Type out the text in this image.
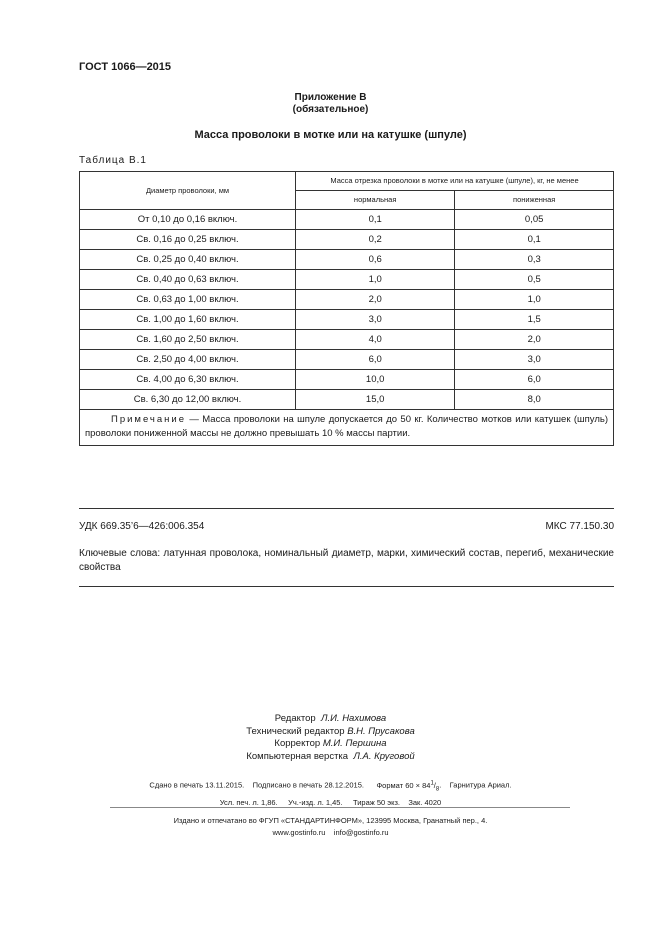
ГОСТ 1066—2015
Приложение В
(обязательное)
Масса проволоки в мотке или на катушке (шпуле)
Таблица В.1
Диаметр проволоки, мм	Масса отрезка проволоки в мотке или на катушке (шпуле), кг, не менее	
	нормальная	пониженная
От 0,10 до 0,16 включ.	0,1	0,05
Св. 0,16 до 0,25 включ.	0,2	0,1
Св. 0,25 до 0,40 включ.	0,6	0,3
Св. 0,40 до 0,63 включ.	1,0	0,5
Св. 0,63 до 1,00 включ.	2,0	1,0
Св. 1,00 до 1,60 включ.	3,0	1,5
Св. 1,60 до 2,50 включ.	4,0	2,0
Св. 2,50 до 4,00 включ.	6,0	3,0
Св. 4,00 до 6,30 включ.	10,0	6,0
Св. 6,30 до 12,00 включ.	15,0	8,0
Примечание — Масса проволоки на шпуле допускается до 50 кг. Количество мотков или катушек (шпуль) проволоки пониженной массы не должно превышать 10 % массы партии.		
УДК 669.35’6—426:006.354	МКС 77.150.30
Ключевые слова: латунная проволока, номинальный диаметр, марки, химический состав, перегиб, механические свойства
Редактор Л.И. Нахимова
Технический редактор В.Н. Прусакова
Корректор М.И. Першина
Компьютерная верстка Л.А. Круговой
Сдано в печать 13.11.2015. Подписано в печать 28.12.2015. Формат $60 \times 84^1/_8$.    Гарнитура Ариал.
Усл. печ. л. 1,86. Уч.-изд. л. 1,45. Тираж 50 экз. Зак. 4020
Издано и отпечатано во ФГУП «СТАНДАРТИНФОРМ», 123995 Москва, Гранатный пер., 4.
www.gostinfo.ru info@gostinfo.ru
